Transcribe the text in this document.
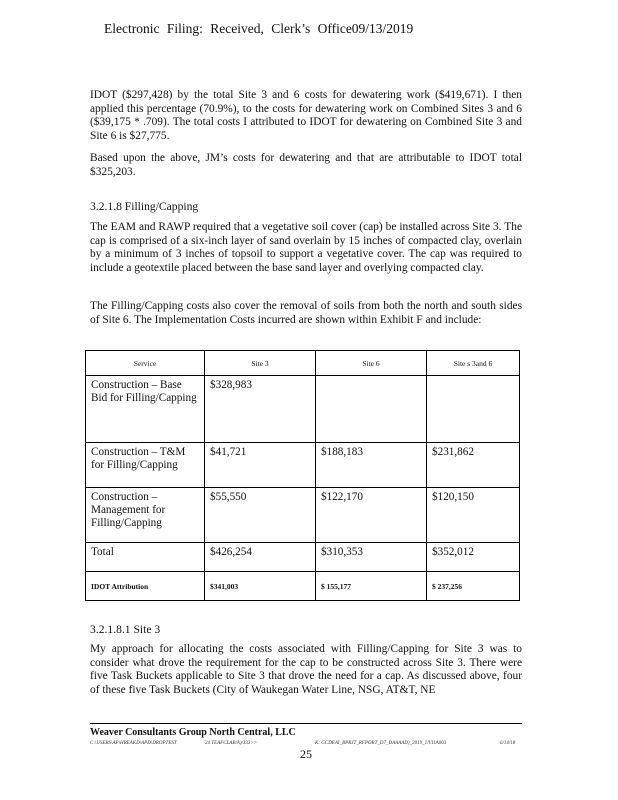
Electronic Filing: Received, Clerk’s Office09/13/2019

IDOT ($297,428) by the total Site 3 and 6 costs for dewatering work ($419,671). I then applied this percentage (70.9%), to the costs for dewatering work on Combined Sites 3 and 6 ($39,175 * .709). The total costs I attributed to IDOT for dewatering on Combined Site 3 and Site 6 is $27,775.

Based upon the above, JM’s costs for dewatering and that are attributable to IDOT total $325,203.

3.2.1.8 Filling/Capping

The EAM and RAWP required that a vegetative soil cover (cap) be installed across Site 3. The cap is comprised of a six-inch layer of sand overlain by 15 inches of compacted clay, overlain by a minimum of 3 inches of topsoil to support a vegetative cover. The cap was required to include a geotextile placed between the base sand layer and overlying compacted clay.

The Filling/Capping costs also cover the removal of soils from both the north and south sides of Site 6. The Implementation Costs incurred are shown within Exhibit F and include:

Service	Site 3	Site 6	Site s 3and 6
Construction – Base Bid for Filling/Capping	$328,983		
Construction – T&M for Filling/Capping	$41,721	$188,183	$231,862
Construction – Management for Filling/Capping	$55,550	$122,170	$120,150
Total	$426,254	$310,353	$352,012
IDOT Attribution	$341,003	$ 155,177	$ 237,256
3.2.1.8.1 Site 3

My approach for allocating the costs associated with Filling/Capping for Site 3 was to consider what drove the requirement for the cap to be constructed across Site 3. There were five Task Buckets applicable to Site 3 that drove the need for a cap. As discussed above, four of these five Task Buckets (City of Waukegan Water Line, NSG, AT&T, NE

Weaver Consultants Group North Central, LLC
C:\USERS\AP\HREAKD\APD\DROPTEST	24 TEAFCLAB/A)/333>>	K: GCDEAI_BPRJT_RFPORT_D7_DAAAAD)_2019_1/VI1A003	6/14/18
25
